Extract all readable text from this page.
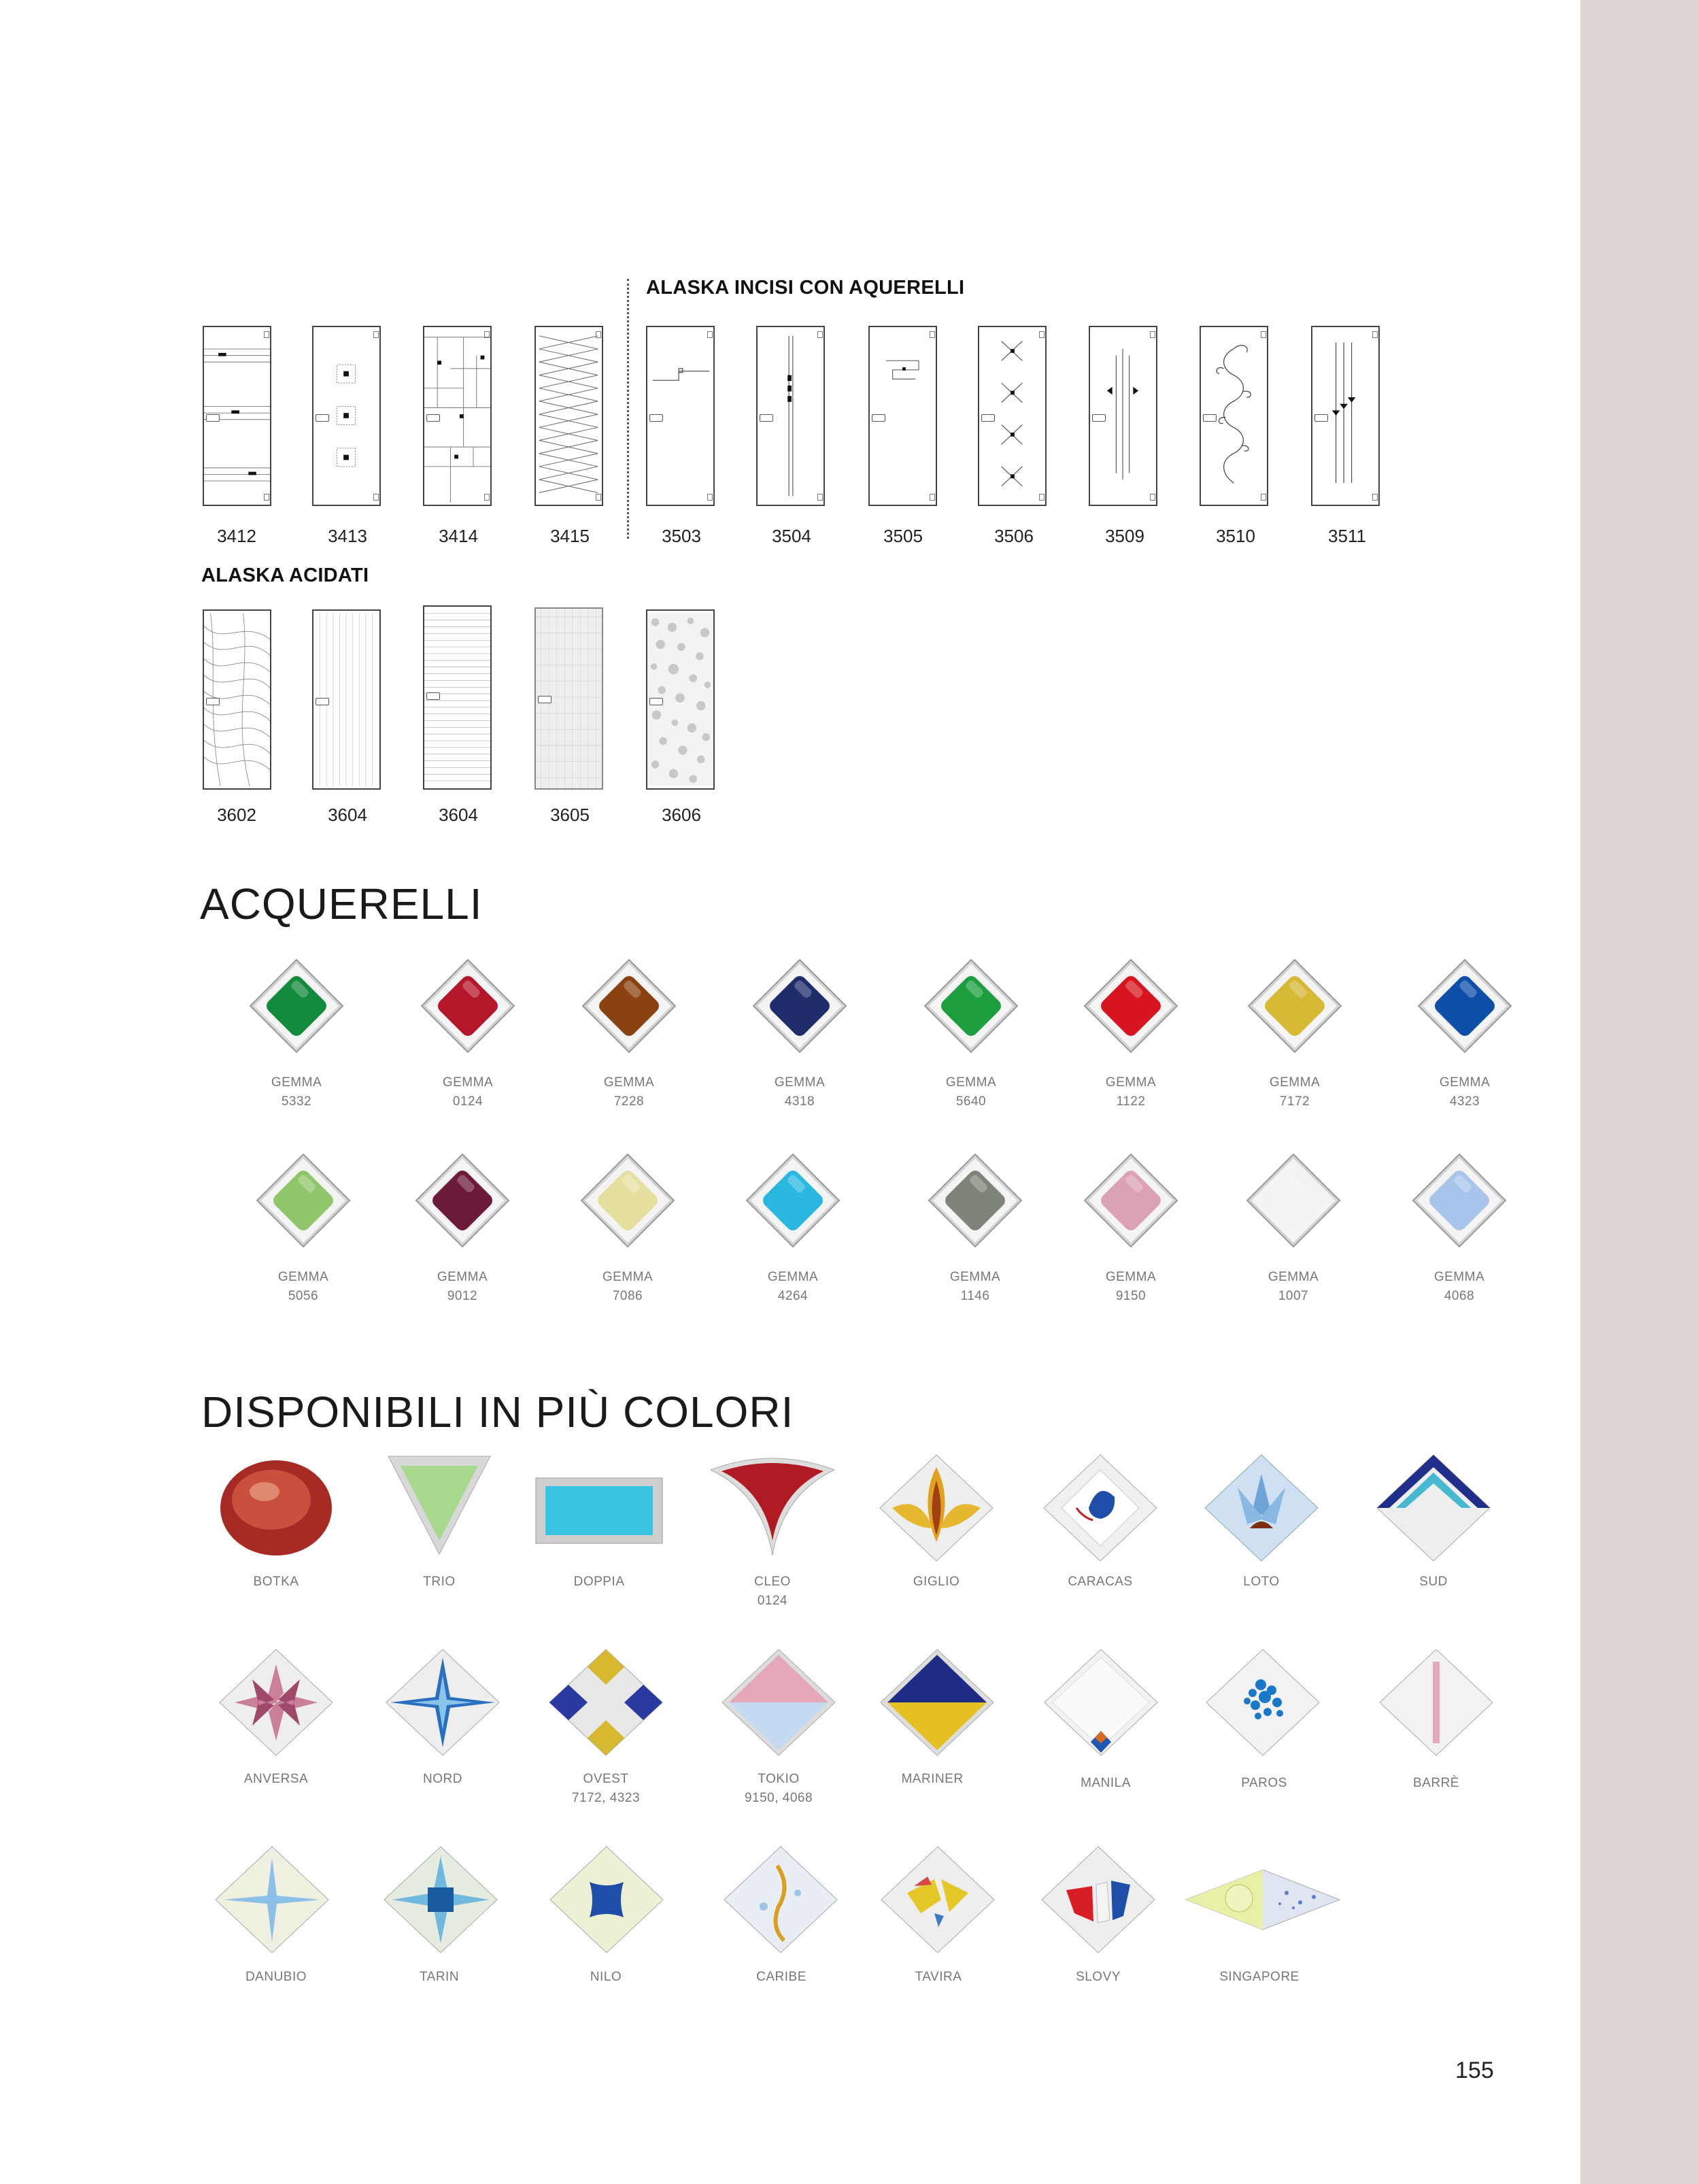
ALASKA INCISI CON AQUERELLI
ALASKA ACIDATI
3412	3413	3414	3415	3503	3504	3505	3506	3509	3510	3511
3602	3604	3604	3605	3606
ACQUERELLI
GEMMA
5332
GEMMA
0124
GEMMA
7228
GEMMA
4318
GEMMA
5640
GEMMA
1122
GEMMA
7172
GEMMA
4323
GEMMA
5056
GEMMA
9012
GEMMA
7086
GEMMA
4264
GEMMA
1146
GEMMA
9150
GEMMA
1007
GEMMA
4068
DISPONIBILI IN PIÙ COLORI
BOTKA	TRIO	DOPPIA	CLEO
0124
GIGLIO	CARACAS	LOTO	SUD
ANVERSA	NORD	OVEST
7172, 4323
TOKIO
9150, 4068
MARINER	MANILA	PAROS	BARRÈ
DANUBIO	TARIN	NILO	CARIBE	TAVIRA	SLOVY	SINGAPORE
155
